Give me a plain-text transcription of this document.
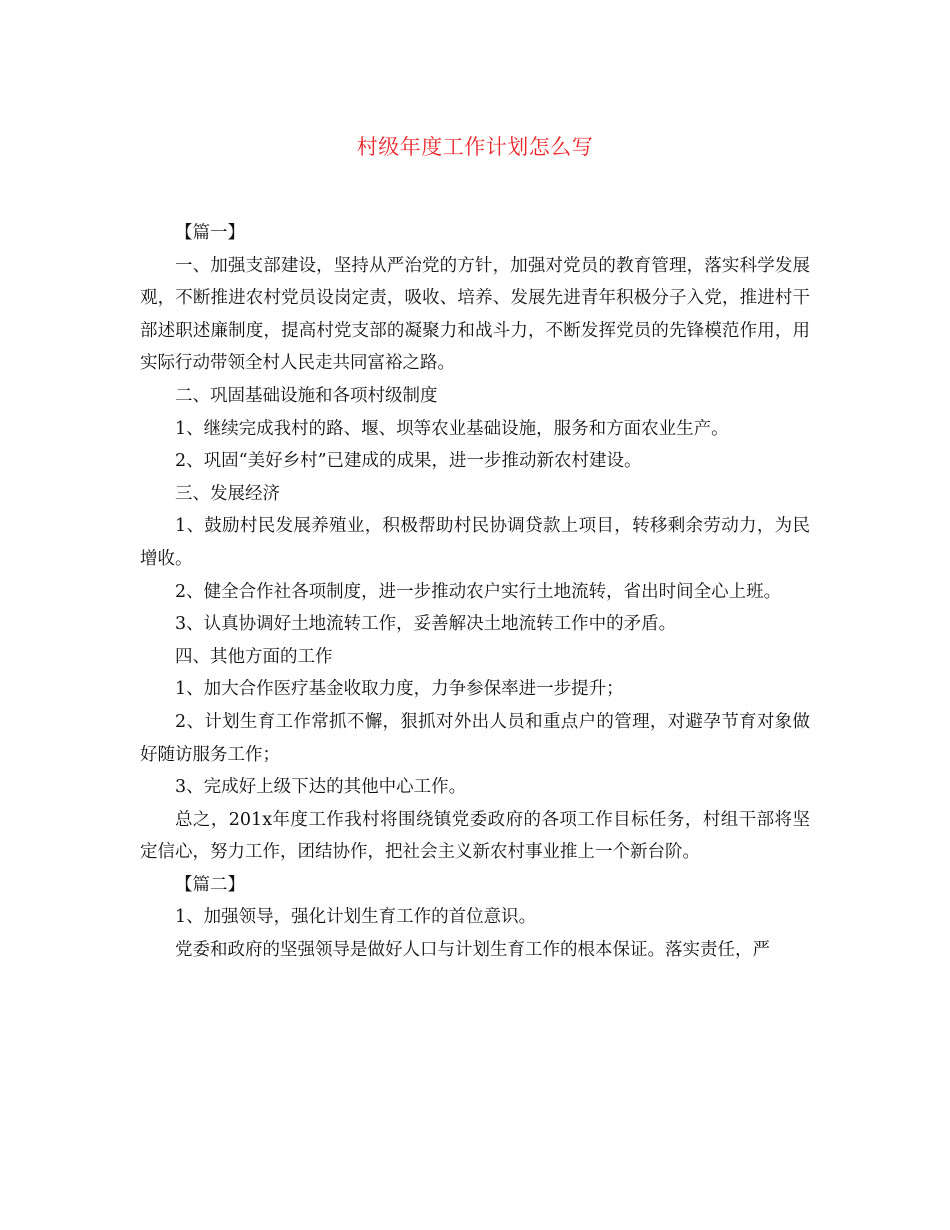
村级年度工作计划怎么写

【篇一】

一、加强支部建设，坚持从严治党的方针，加强对党员的教育管理，落实科学发展观，不断推进农村党员设岗定责，吸收、培养、发展先进青年积极分子入党，推进村干部述职述廉制度，提高村党支部的凝聚力和战斗力，不断发挥党员的先锋模范作用，用实际行动带领全村人民走共同富裕之路。

二、巩固基础设施和各项村级制度

1、继续完成我村的路、堰、坝等农业基础设施，服务和方面农业生产。

2、巩固“美好乡村”已建成的成果，进一步推动新农村建设。

三、发展经济

1、鼓励村民发展养殖业，积极帮助村民协调贷款上项目，转移剩余劳动力，为民增收。

2、健全合作社各项制度，进一步推动农户实行土地流转，省出时间全心上班。

3、认真协调好土地流转工作，妥善解决土地流转工作中的矛盾。

四、其他方面的工作

1、加大合作医疗基金收取力度，力争参保率进一步提升；

2、计划生育工作常抓不懈，狠抓对外出人员和重点户的管理，对避孕节育对象做好随访服务工作；

3、完成好上级下达的其他中心工作。

总之，201x年度工作我村将围绕镇党委政府的各项工作目标任务，村组干部将坚定信心，努力工作，团结协作，把社会主义新农村事业推上一个新台阶。

【篇二】

1、加强领导，强化计划生育工作的首位意识。

党委和政府的坚强领导是做好人口与计划生育工作的根本保证。落实责任，严
